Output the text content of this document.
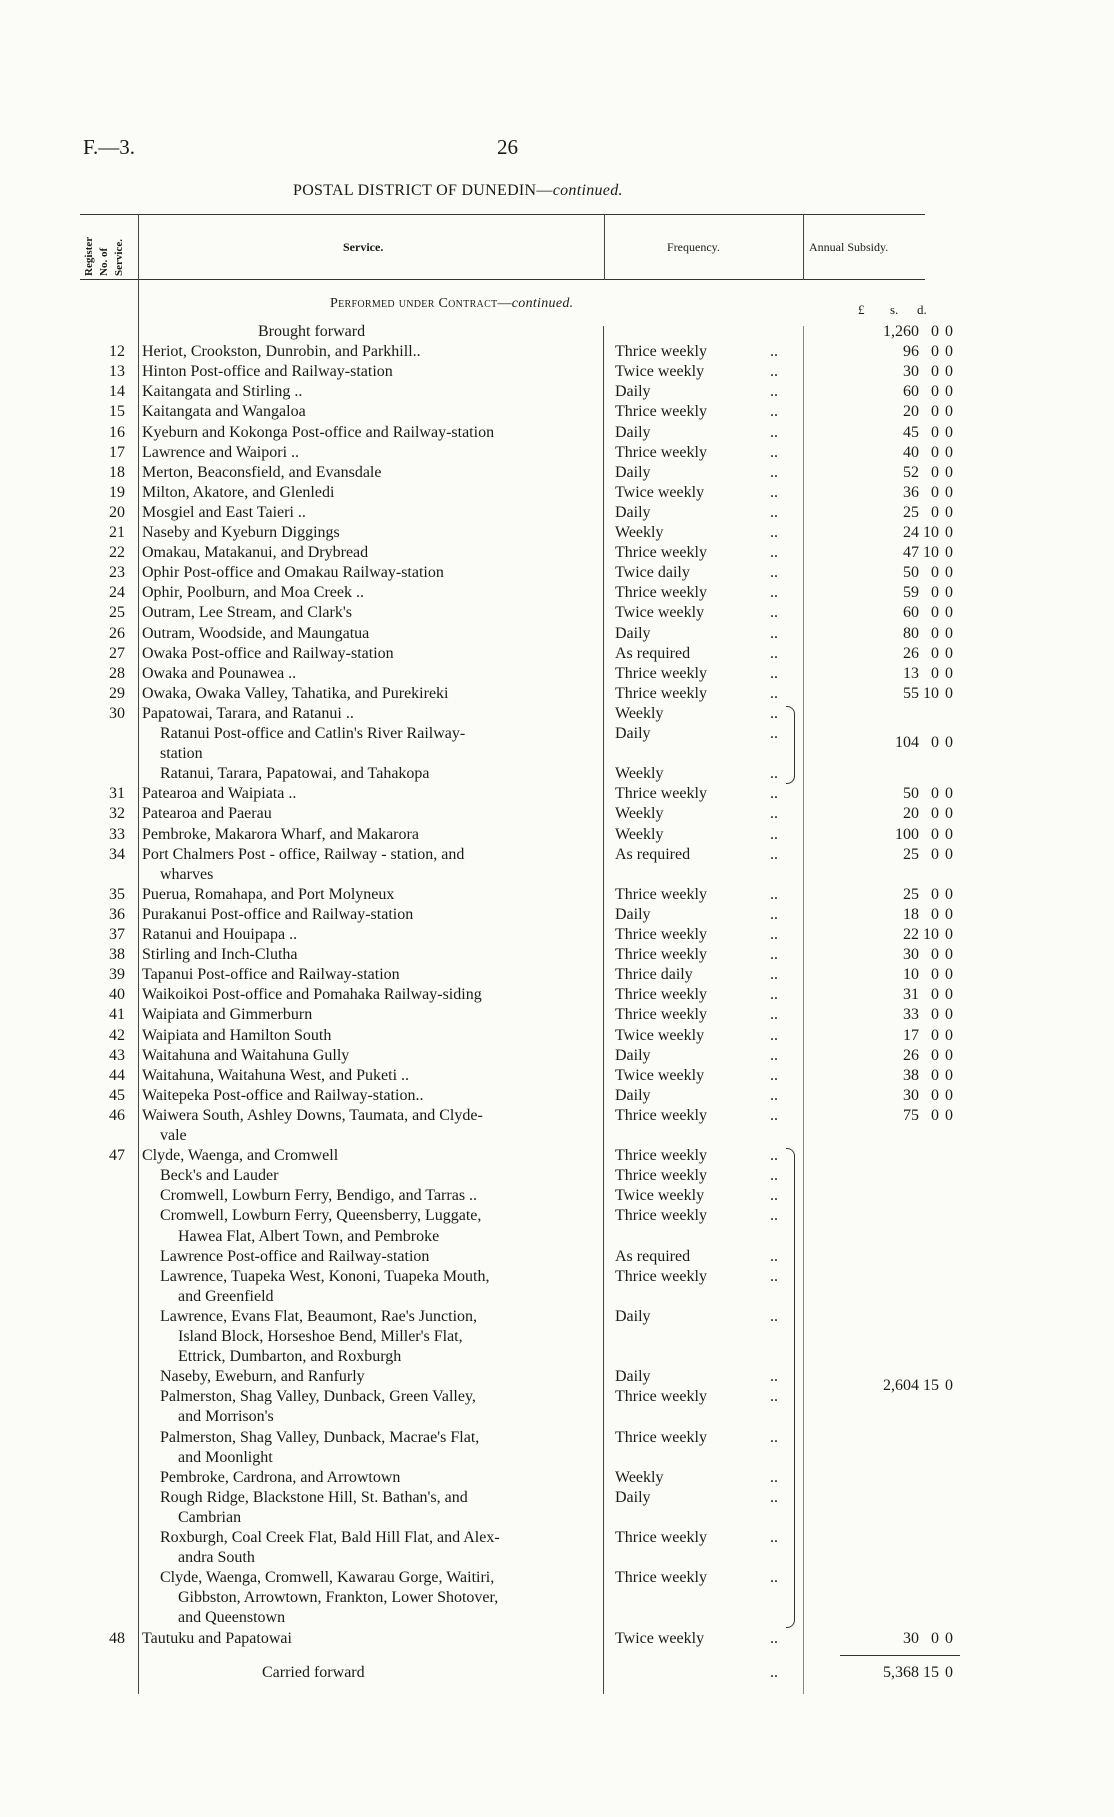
F.—3.	26
POSTAL DISTRICT OF DUNEDIN—continued.
Register No. of Service.	Service.	Frequency.	Annual Subsidy.
Performed under Contract—continued.	£ s. d.
Brought forward	1,260 0 0
12 Heriot, Crookston, Dunrobin, and Parkhill..	Thrice weekly	..	96 0 0
13 Hinton Post-office and Railway-station	Twice weekly	..	30 0 0
14 Kaitangata and Stirling ..	Daily	..	60 0 0
15 Kaitangata and Wangaloa	Thrice weekly	..	20 0 0
16 Kyeburn and Kokonga Post-office and Railway-station	Daily	..	45 0 0
17 Lawrence and Waipori ..	Thrice weekly	..	40 0 0
18 Merton, Beaconsfield, and Evansdale	Daily	..	52 0 0
19 Milton, Akatore, and Glenledi	Twice weekly	..	36 0 0
20 Mosgiel and East Taieri ..	Daily	..	25 0 0
21 Naseby and Kyeburn Diggings	Weekly	..	24 10 0
22 Omakau, Matakanui, and Drybread	Thrice weekly	..	47 10 0
23 Ophir Post-office and Omakau Railway-station	Twice daily	..	50 0 0
24 Ophir, Poolburn, and Moa Creek ..	Thrice weekly	..	59 0 0
25 Outram, Lee Stream, and Clark's	Twice weekly	..	60 0 0
26 Outram, Woodside, and Maungatua	Daily	..	80 0 0
27 Owaka Post-office and Railway-station	As required	..	26 0 0
28 Owaka and Pounawea ..	Thrice weekly	..	13 0 0
29 Owaka, Owaka Valley, Tahatika, and Purekireki	Thrice weekly	..	55 10 0
30 Papatowai, Tarara, and Ratanui ..	Weekly	..
Ratanui Post-office and Catlin's River Railway-	Daily	..
station
Ratanui, Tarara, Papatowai, and Tahakopa	Weekly	..
104 0 0
31 Patearoa and Waipiata ..	Thrice weekly	..	50 0 0
32 Patearoa and Paerau	Weekly	..	20 0 0
33 Pembroke, Makarora Wharf, and Makarora	Weekly	..	100 0 0
34 Port Chalmers Post - office, Railway - station, and	As required	..	25 0 0
wharves
35 Puerua, Romahapa, and Port Molyneux	Thrice weekly	..	25 0 0
36 Purakanui Post-office and Railway-station	Daily	..	18 0 0
37 Ratanui and Houipapa ..	Thrice weekly	..	22 10 0
38 Stirling and Inch-Clutha	Thrice weekly	..	30 0 0
39 Tapanui Post-office and Railway-station	Thrice daily	..	10 0 0
40 Waikoikoi Post-office and Pomahaka Railway-siding	Thrice weekly	..	31 0 0
41 Waipiata and Gimmerburn	Thrice weekly	..	33 0 0
42 Waipiata and Hamilton South	Twice weekly	..	17 0 0
43 Waitahuna and Waitahuna Gully	Daily	..	26 0 0
44 Waitahuna, Waitahuna West, and Puketi ..	Twice weekly	..	38 0 0
45 Waitepeka Post-office and Railway-station..	Daily	..	30 0 0
46 Waiwera South, Ashley Downs, Taumata, and Clyde-	Thrice weekly	..	75 0 0
vale
47 Clyde, Waenga, and Cromwell	Thrice weekly	..
Beck's and Lauder	Thrice weekly	..
Cromwell, Lowburn Ferry, Bendigo, and Tarras ..	Twice weekly	..
Cromwell, Lowburn Ferry, Queensberry, Luggate,	Thrice weekly	..
Hawea Flat, Albert Town, and Pembroke
Lawrence Post-office and Railway-station	As required	..
Lawrence, Tuapeka West, Kononi, Tuapeka Mouth,	Thrice weekly	..
and Greenfield
Lawrence, Evans Flat, Beaumont, Rae's Junction,	Daily	..
Island Block, Horseshoe Bend, Miller's Flat,
Ettrick, Dumbarton, and Roxburgh
Naseby, Eweburn, and Ranfurly	Daily	..
Palmerston, Shag Valley, Dunback, Green Valley,	Thrice weekly	..
and Morrison's
Palmerston, Shag Valley, Dunback, Macrae's Flat,	Thrice weekly	..
and Moonlight
Pembroke, Cardrona, and Arrowtown	Weekly	..
Rough Ridge, Blackstone Hill, St. Bathan's, and	Daily	..
Cambrian
Roxburgh, Coal Creek Flat, Bald Hill Flat, and Alex-	Thrice weekly	..
andra South
Clyde, Waenga, Cromwell, Kawarau Gorge, Waitiri,	Thrice weekly	..
Gibbston, Arrowtown, Frankton, Lower Shotover,
and Queenstown
2,604 15 0
48 Tautuku and Papatowai	Twice weekly	..	30 0 0
Carried forward	5,368 15 0
..
